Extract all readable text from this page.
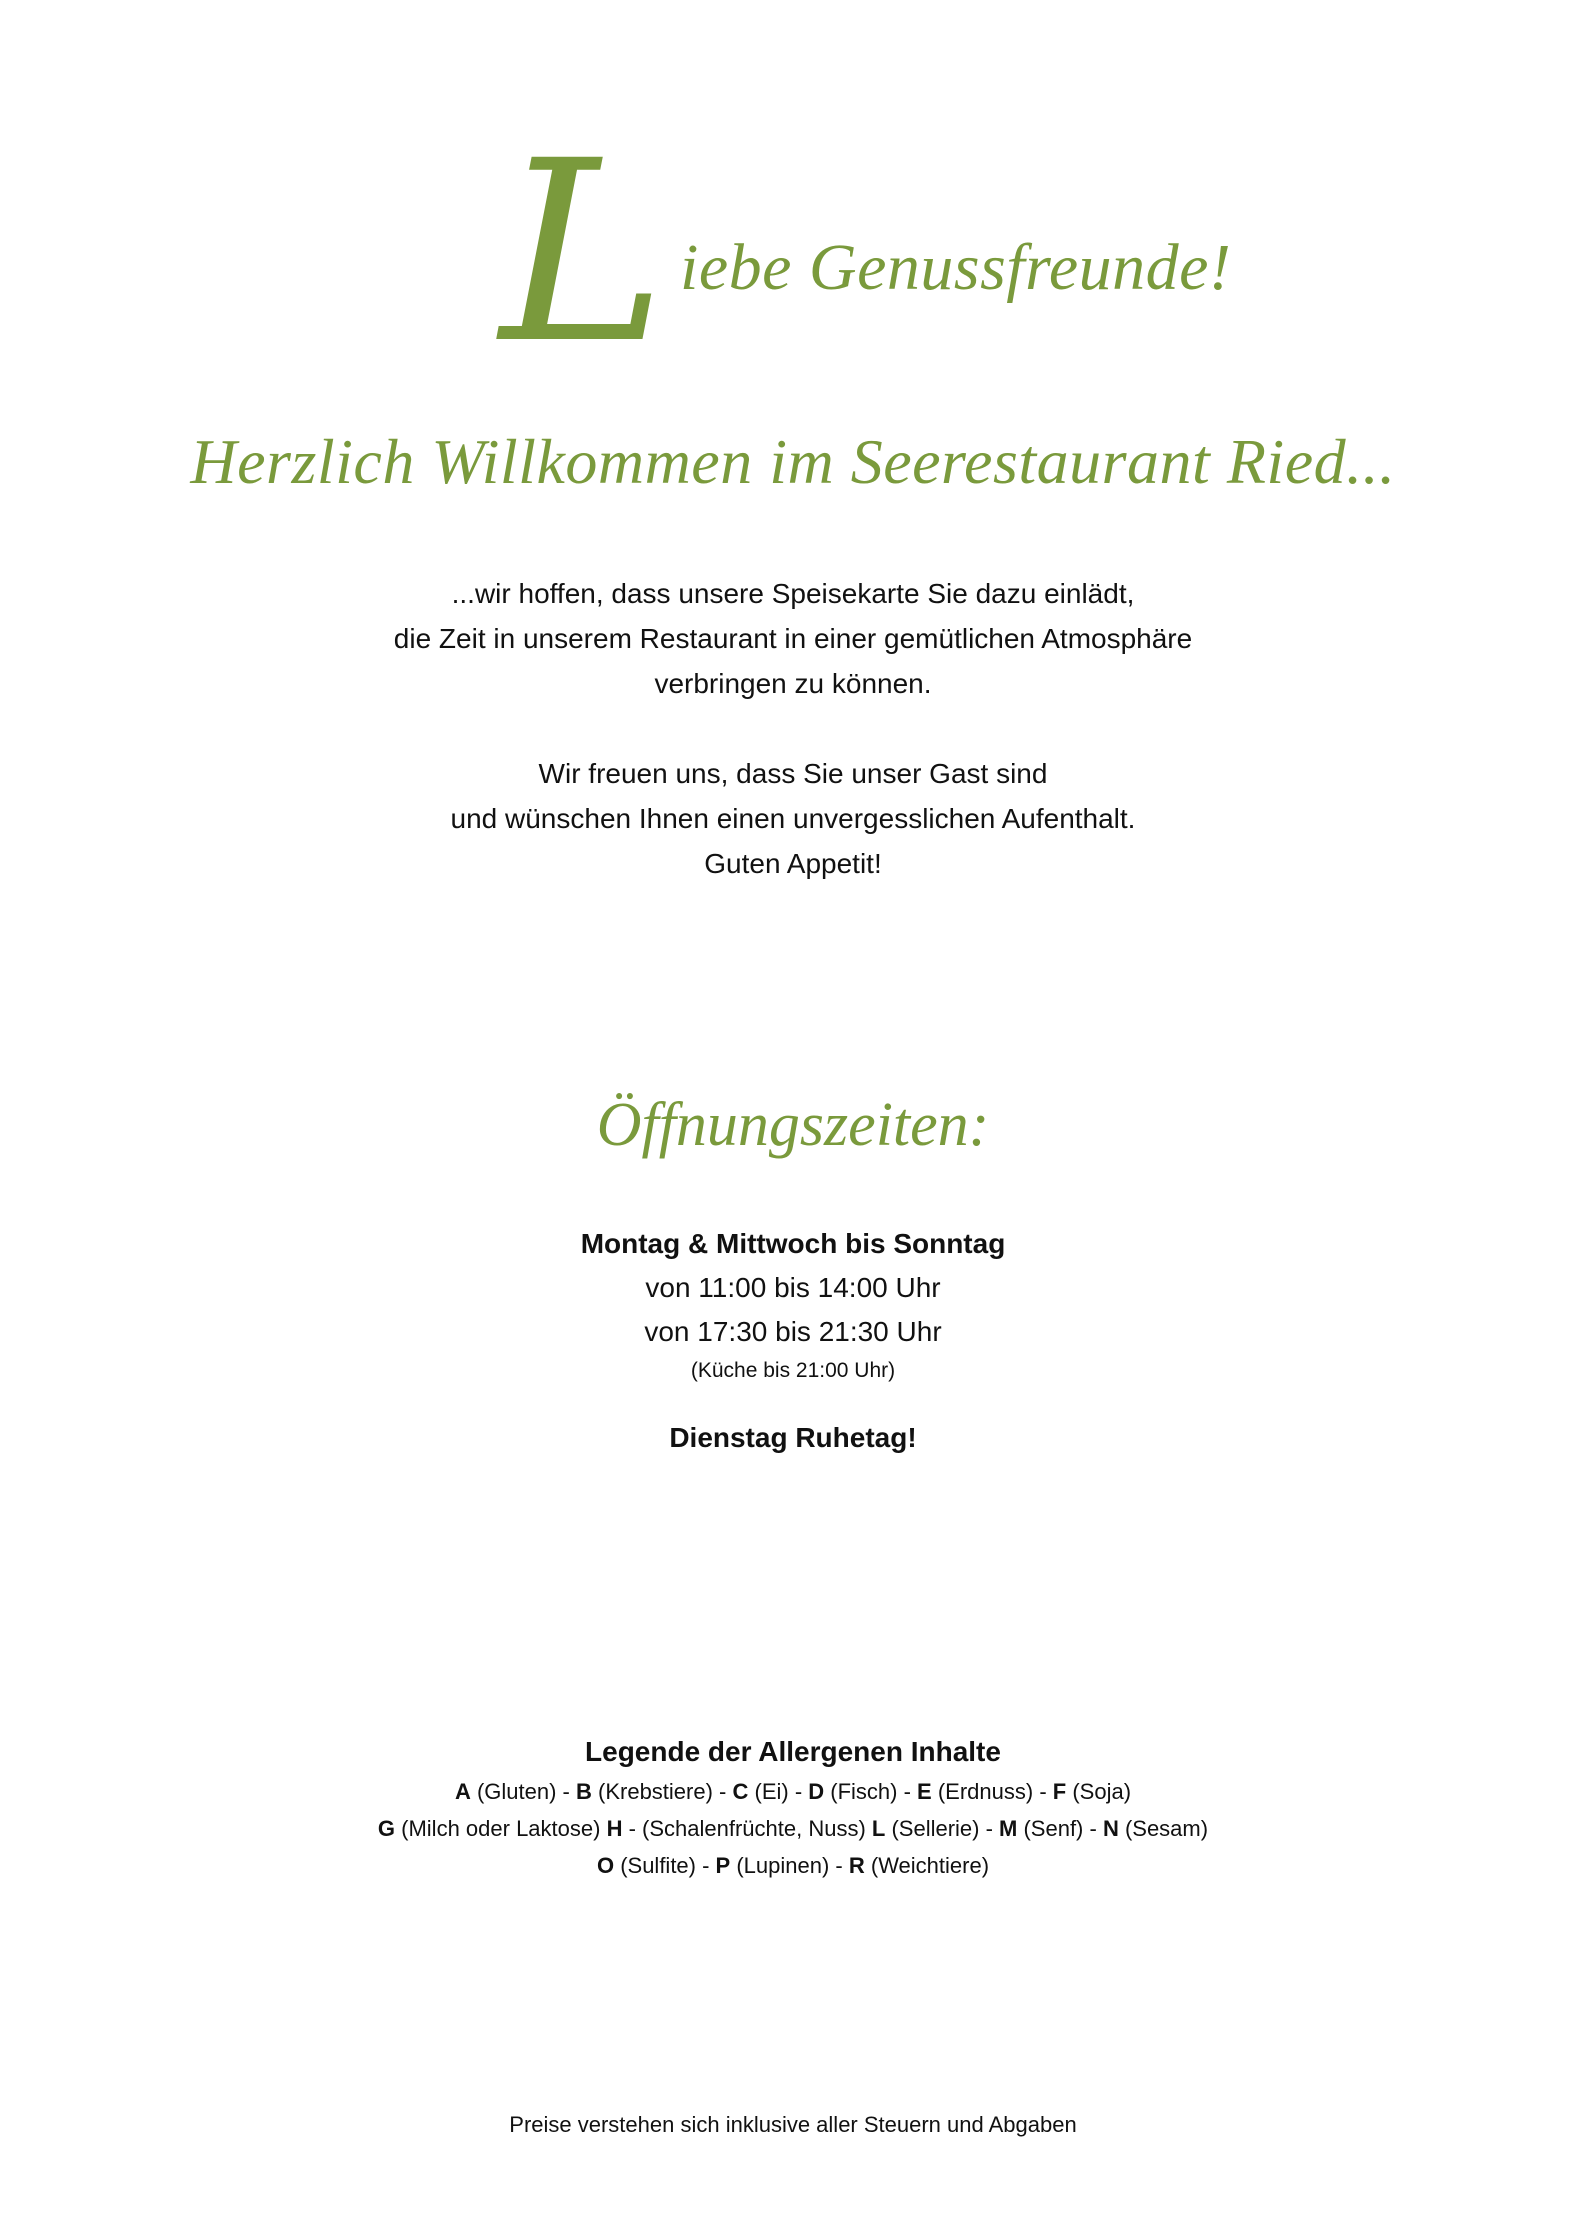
L iebe Genussfreunde!
Herzlich Willkommen im Seerestaurant Ried...
...wir hoffen, dass unsere Speisekarte Sie dazu einlädt,
die Zeit in unserem Restaurant in einer gemütlichen Atmosphäre
verbringen zu können.
Wir freuen uns, dass Sie unser Gast sind
und wünschen Ihnen einen unvergesslichen Aufenthalt.
Guten Appetit!
Öffnungszeiten:
Montag & Mittwoch bis Sonntag
von 11:00 bis 14:00 Uhr
von 17:30 bis 21:30 Uhr
(Küche bis 21:00 Uhr)
Dienstag Ruhetag!
Legende der Allergenen Inhalte
A (Gluten) - B (Krebstiere) - C (Ei) - D (Fisch) - E (Erdnuss) - F (Soja)
G (Milch oder Laktose) H - (Schalenfrüchte, Nuss) L (Sellerie) - M (Senf) - N (Sesam)
O (Sulfite) - P (Lupinen) - R (Weichtiere)
Preise verstehen sich inklusive aller Steuern und Abgaben
